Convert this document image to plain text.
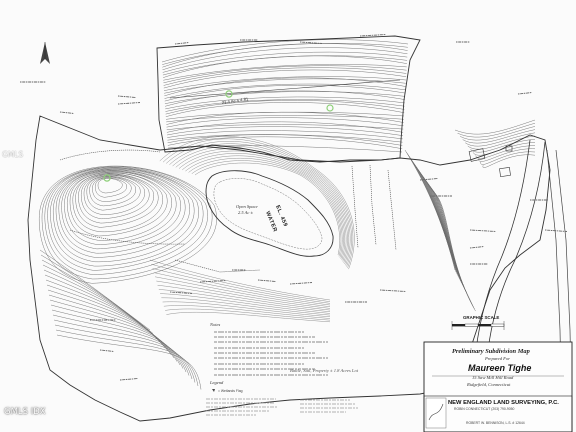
WATER
EL. 459
Open Space
2.5 Ac ±
21.4 Ac ± 4.81
Notes
Legend
= Wetlands Flag
Battle, Sail, Property ± 1.8 Acres Lot
GRAPHIC SCALE
Preliminary Subdivision Map
Prepared For
Maureen Tighe
15 Saw Mill Hill Road
Ridgefield, Connecticut
NEW ENGLAND LAND SURVEYING, P.C.
ROBIN CONNECTICUT (203) 790-9050
ROBERT W. BENNISON, L.S. # 12644
GMLS IDX
GMLS
